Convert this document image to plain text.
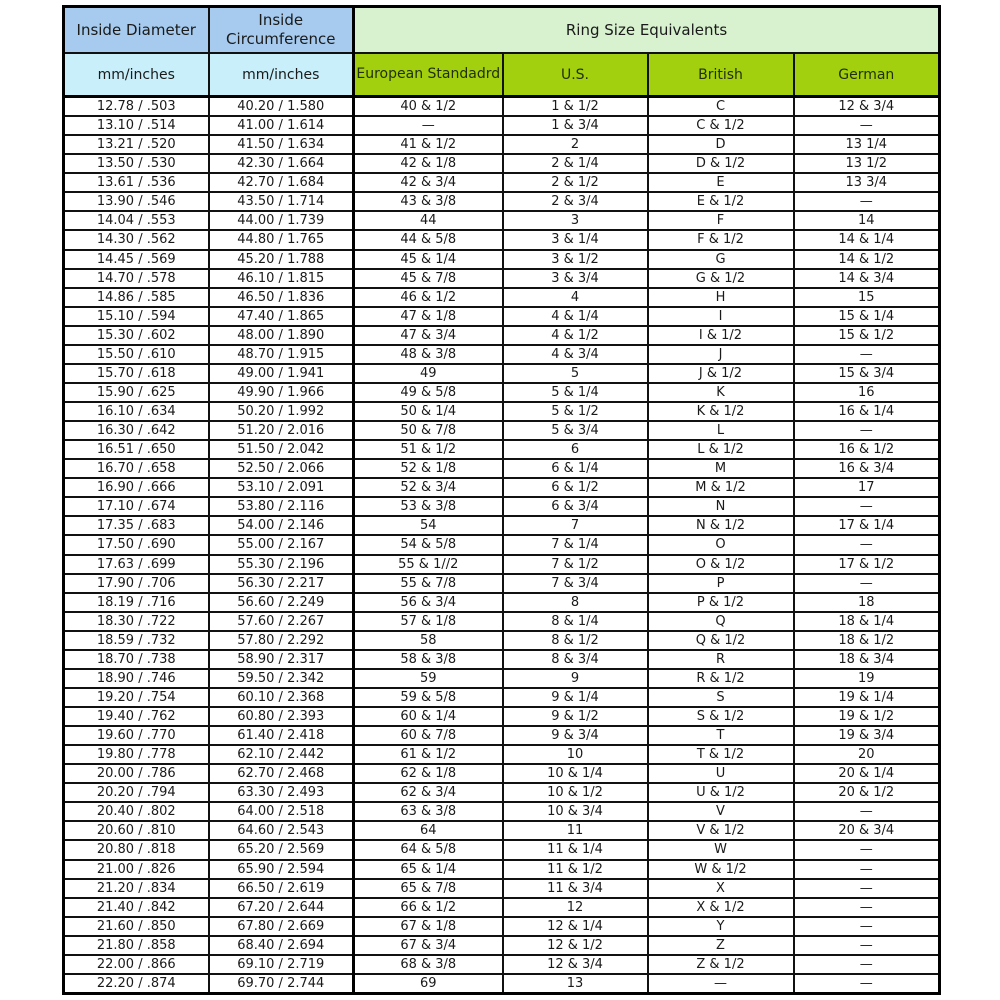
Inside Diameter	Inside Circumference	Ring Size Equivalents			
mm/inches	mm/inches	European Standadrd	U.S.	British	German
12.78 / .503	40.20 / 1.580	40 & 1/2	1 & 1/2	C	12 & 3/4
13.10 / .514	41.00 / 1.614	—	1 & 3/4	C & 1/2	—
13.21 / .520	41.50 / 1.634	41 & 1/2	2	D	13 1/4
13.50 / .530	42.30 / 1.664	42 & 1/8	2 & 1/4	D & 1/2	13 1/2
13.61 / .536	42.70 / 1.684	42 & 3/4	2 & 1/2	E	13 3/4
13.90 / .546	43.50 / 1.714	43 & 3/8	2 & 3/4	E & 1/2	—
14.04 / .553	44.00 / 1.739	44	3	F	14
14.30 / .562	44.80 / 1.765	44 & 5/8	3 & 1/4	F & 1/2	14 & 1/4
14.45 / .569	45.20 / 1.788	45 & 1/4	3 & 1/2	G	14 & 1/2
14.70 / .578	46.10 / 1.815	45 & 7/8	3 & 3/4	G & 1/2	14 & 3/4
14.86 / .585	46.50 / 1.836	46 & 1/2	4	H	15
15.10 / .594	47.40 / 1.865	47 & 1/8	4 & 1/4	I	15 & 1/4
15.30 / .602	48.00 / 1.890	47 & 3/4	4 & 1/2	I & 1/2	15 & 1/2
15.50 / .610	48.70 / 1.915	48 & 3/8	4 & 3/4	J	—
15.70 / .618	49.00 / 1.941	49	5	J & 1/2	15 & 3/4
15.90 / .625	49.90 / 1.966	49 & 5/8	5 & 1/4	K	16
16.10 / .634	50.20 / 1.992	50 & 1/4	5 & 1/2	K & 1/2	16 & 1/4
16.30 / .642	51.20 / 2.016	50 & 7/8	5 & 3/4	L	—
16.51 / .650	51.50 / 2.042	51 & 1/2	6	L & 1/2	16 & 1/2
16.70 / .658	52.50 / 2.066	52 & 1/8	6 & 1/4	M	16 & 3/4
16.90 / .666	53.10 / 2.091	52 & 3/4	6 & 1/2	M & 1/2	17
17.10 / .674	53.80 / 2.116	53 & 3/8	6 & 3/4	N	—
17.35 / .683	54.00 / 2.146	54	7	N & 1/2	17 & 1/4
17.50 / .690	55.00 / 2.167	54 & 5/8	7 & 1/4	O	—
17.63 / .699	55.30 / 2.196	55 & 1//2	7 & 1/2	O & 1/2	17 & 1/2
17.90 / .706	56.30 / 2.217	55 & 7/8	7 & 3/4	P	—
18.19 / .716	56.60 / 2.249	56 & 3/4	8	P & 1/2	18
18.30 / .722	57.60 / 2.267	57 & 1/8	8 & 1/4	Q	18 & 1/4
18.59 / .732	57.80 / 2.292	58	8 & 1/2	Q & 1/2	18 & 1/2
18.70 / .738	58.90 / 2.317	58 & 3/8	8 & 3/4	R	18 & 3/4
18.90 / .746	59.50 / 2.342	59	9	R & 1/2	19
19.20 / .754	60.10 / 2.368	59 & 5/8	9 & 1/4	S	19 & 1/4
19.40 / .762	60.80 / 2.393	60 & 1/4	9 & 1/2	S & 1/2	19 & 1/2
19.60 / .770	61.40 / 2.418	60 & 7/8	9 & 3/4	T	19 & 3/4
19.80 / .778	62.10 / 2.442	61 & 1/2	10	T & 1/2	20
20.00 / .786	62.70 / 2.468	62 & 1/8	10 & 1/4	U	20 & 1/4
20.20 / .794	63.30 / 2.493	62 & 3/4	10 & 1/2	U & 1/2	20 & 1/2
20.40 / .802	64.00 / 2.518	63 & 3/8	10 & 3/4	V	—
20.60 / .810	64.60 / 2.543	64	11	V & 1/2	20 & 3/4
20.80 / .818	65.20 / 2.569	64 & 5/8	11 & 1/4	W	—
21.00 / .826	65.90 / 2.594	65 & 1/4	11 & 1/2	W & 1/2	—
21.20 / .834	66.50 / 2.619	65 & 7/8	11 & 3/4	X	—
21.40 / .842	67.20 / 2.644	66 & 1/2	12	X & 1/2	—
21.60 / .850	67.80 / 2.669	67 & 1/8	12 & 1/4	Y	—
21.80 / .858	68.40 / 2.694	67 & 3/4	12 & 1/2	Z	—
22.00 / .866	69.10 / 2.719	68 & 3/8	12 & 3/4	Z & 1/2	—
22.20 / .874	69.70 / 2.744	69	13	—	—
